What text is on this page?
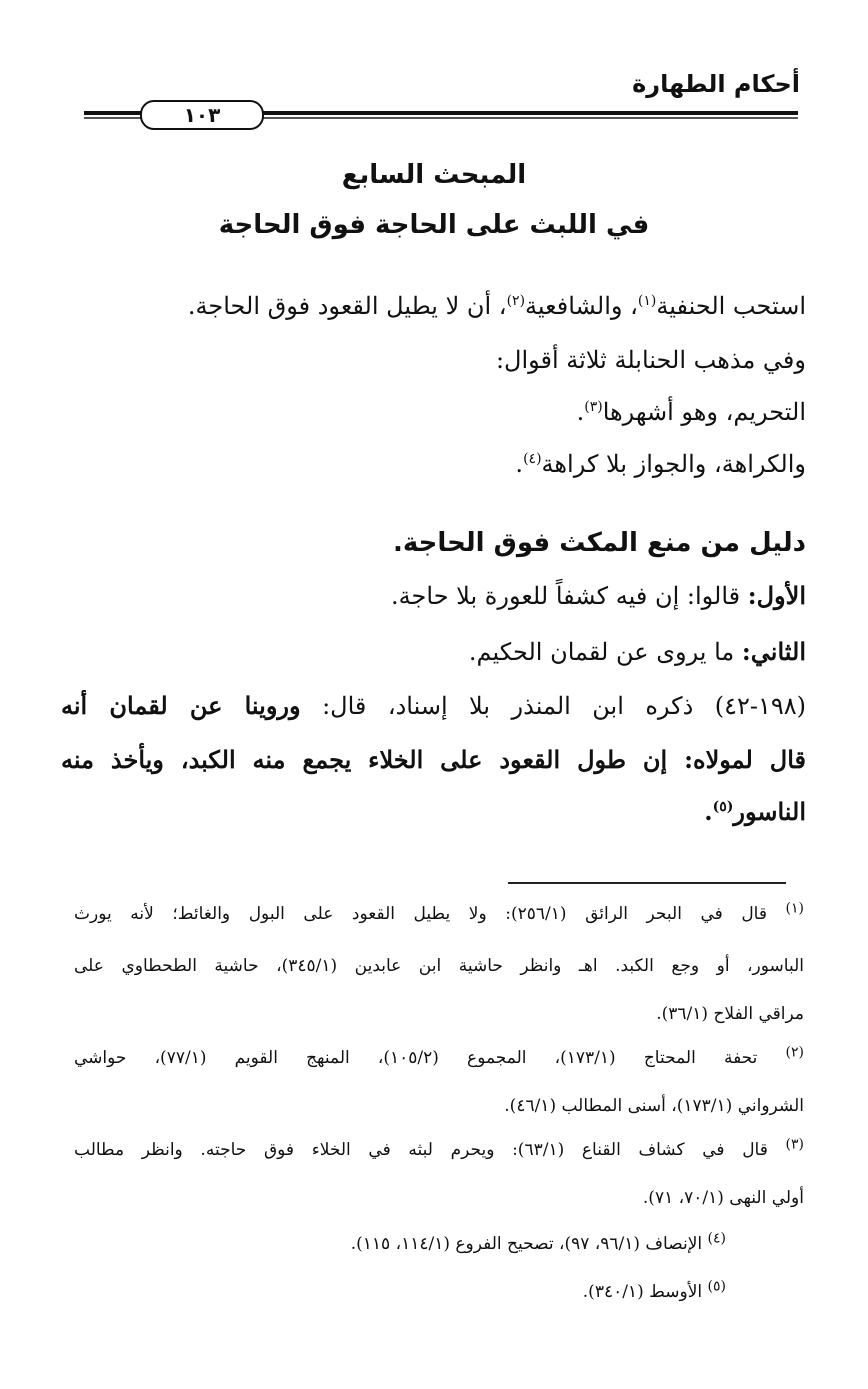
أحكام الطهارة
١٠٣
المبحث السابع
في اللبث على الحاجة فوق الحاجة
استحب الحنفية$^{(١)}$، والشافعية$^{(٢)}$، أن لا يطيل القعود فوق الحاجة.
وفي مذهب الحنابلة ثلاثة أقوال:
التحريم، وهو أشهرها$^{(٣)}$.
والكراهة، والجواز بلا كراهة$^{(٤)}$.
دليل من منع المكث فوق الحاجة.
الأول: قالوا: إن فيه كشفاً للعورة بلا حاجة.
الثاني: ما يروى عن لقمان الحكيم.
(١٩٨-٤٢) ذكره ابن المنذر بلا إسناد، قال: وروينا عن لقمان أنه
قال لمولاه: إن طول القعود على الخلاء يجمع منه الكبد، ويأخذ منه
الناسور$^{(٥)}$.
$^{(١)}$ قال في البحر الرائق (٢٥٦/١): ولا يطيل القعود على البول والغائط؛ لأنه يورث
الباسور، أو وجع الكبد. اهـ وانظر حاشية ابن عابدين (٣٤٥/١)، حاشية الطحطاوي على
مراقي الفلاح (٣٦/١).
$^{(٢)}$ تحفة المحتاج (١٧٣/١)، المجموع (١٠٥/٢)، المنهج القويم (٧٧/١)، حواشي
الشرواني (١٧٣/١)، أسنى المطالب (٤٦/١).
$^{(٣)}$ قال في كشاف القناع (٦٣/١): ويحرم لبثه في الخلاء فوق حاجته. وانظر مطالب
أولي النهى (٧٠/١، ٧١).
$^{(٤)}$ الإنصاف (٩٦/١، ٩٧)، تصحيح الفروع (١١٤/١، ١١٥).
$^{(٥)}$ الأوسط (٣٤٠/١).
